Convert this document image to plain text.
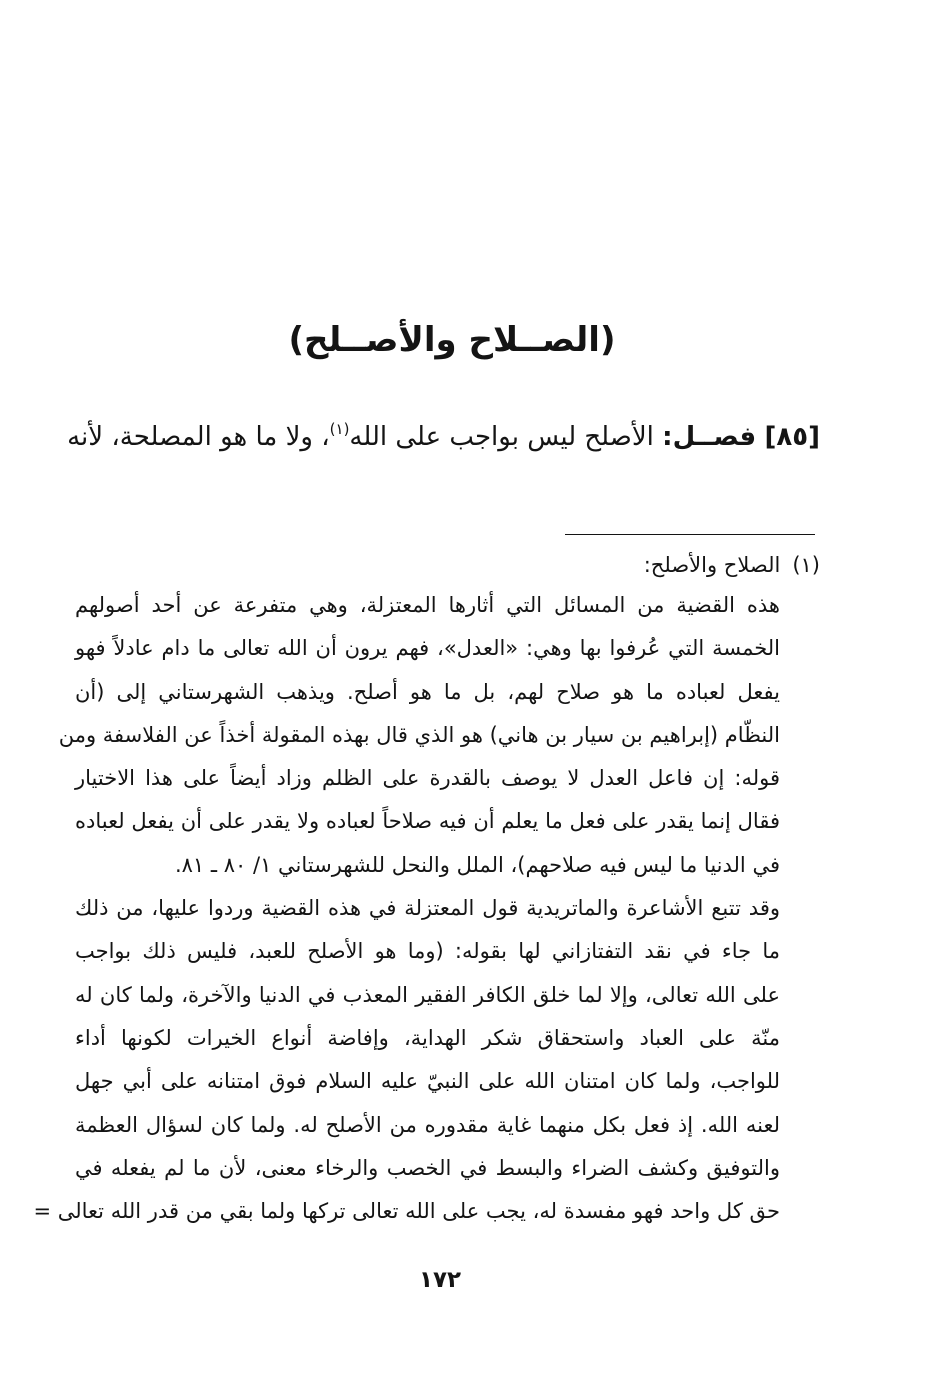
(الصــلاح والأصــلح)
[٨٥] فصــل: الأصلح ليس بواجب على الله$^{(١)}$، ولا ما هو المصلحة، لأنه
(١)الصلاح والأصلح:
هذه القضية من المسائل التي أثارها المعتزلة، وهي متفرعة عن أحد أصولهم
الخمسة التي عُرفوا بها وهي: «العدل»، فهم يرون أن الله تعالى ما دام عادلاً فهو
يفعل لعباده ما هو صلاح لهم، بل ما هو أصلح. ويذهب الشهرستاني إلى (أن
النظّام (إبراهيم بن سيار بن هاني) هو الذي قال بهذه المقولة أخذاً عن الفلاسفة ومن
قوله: إن فاعل العدل لا يوصف بالقدرة على الظلم وزاد أيضاً على هذا الاختيار
فقال إنما يقدر على فعل ما يعلم أن فيه صلاحاً لعباده ولا يقدر على أن يفعل لعباده
في الدنيا ما ليس فيه صلاحهم)، الملل والنحل للشهرستاني ١/ ٨٠ ـ ٨١.
وقد تتبع الأشاعرة والماتريدية قول المعتزلة في هذه القضية وردوا عليها، من ذلك
ما جاء في نقد التفتازاني لها بقوله: (وما هو الأصلح للعبد، فليس ذلك بواجب
على الله تعالى، وإلا لما خلق الكافر الفقير المعذب في الدنيا والآخرة، ولما كان له
منّة على العباد واستحقاق شكر الهداية، وإفاضة أنواع الخيرات لكونها أداء
للواجب، ولما كان امتنان الله على النبيّ عليه السلام فوق امتنانه على أبي جهل
لعنه الله. إذ فعل بكل منهما غاية مقدوره من الأصلح له. ولما كان لسؤال العظمة
والتوفيق وكشف الضراء والبسط في الخصب والرخاء معنى، لأن ما لم يفعله في
حق كل واحد فهو مفسدة له، يجب على الله تعالى تركها ولما بقي من قدر الله تعالى =
١٧٢
